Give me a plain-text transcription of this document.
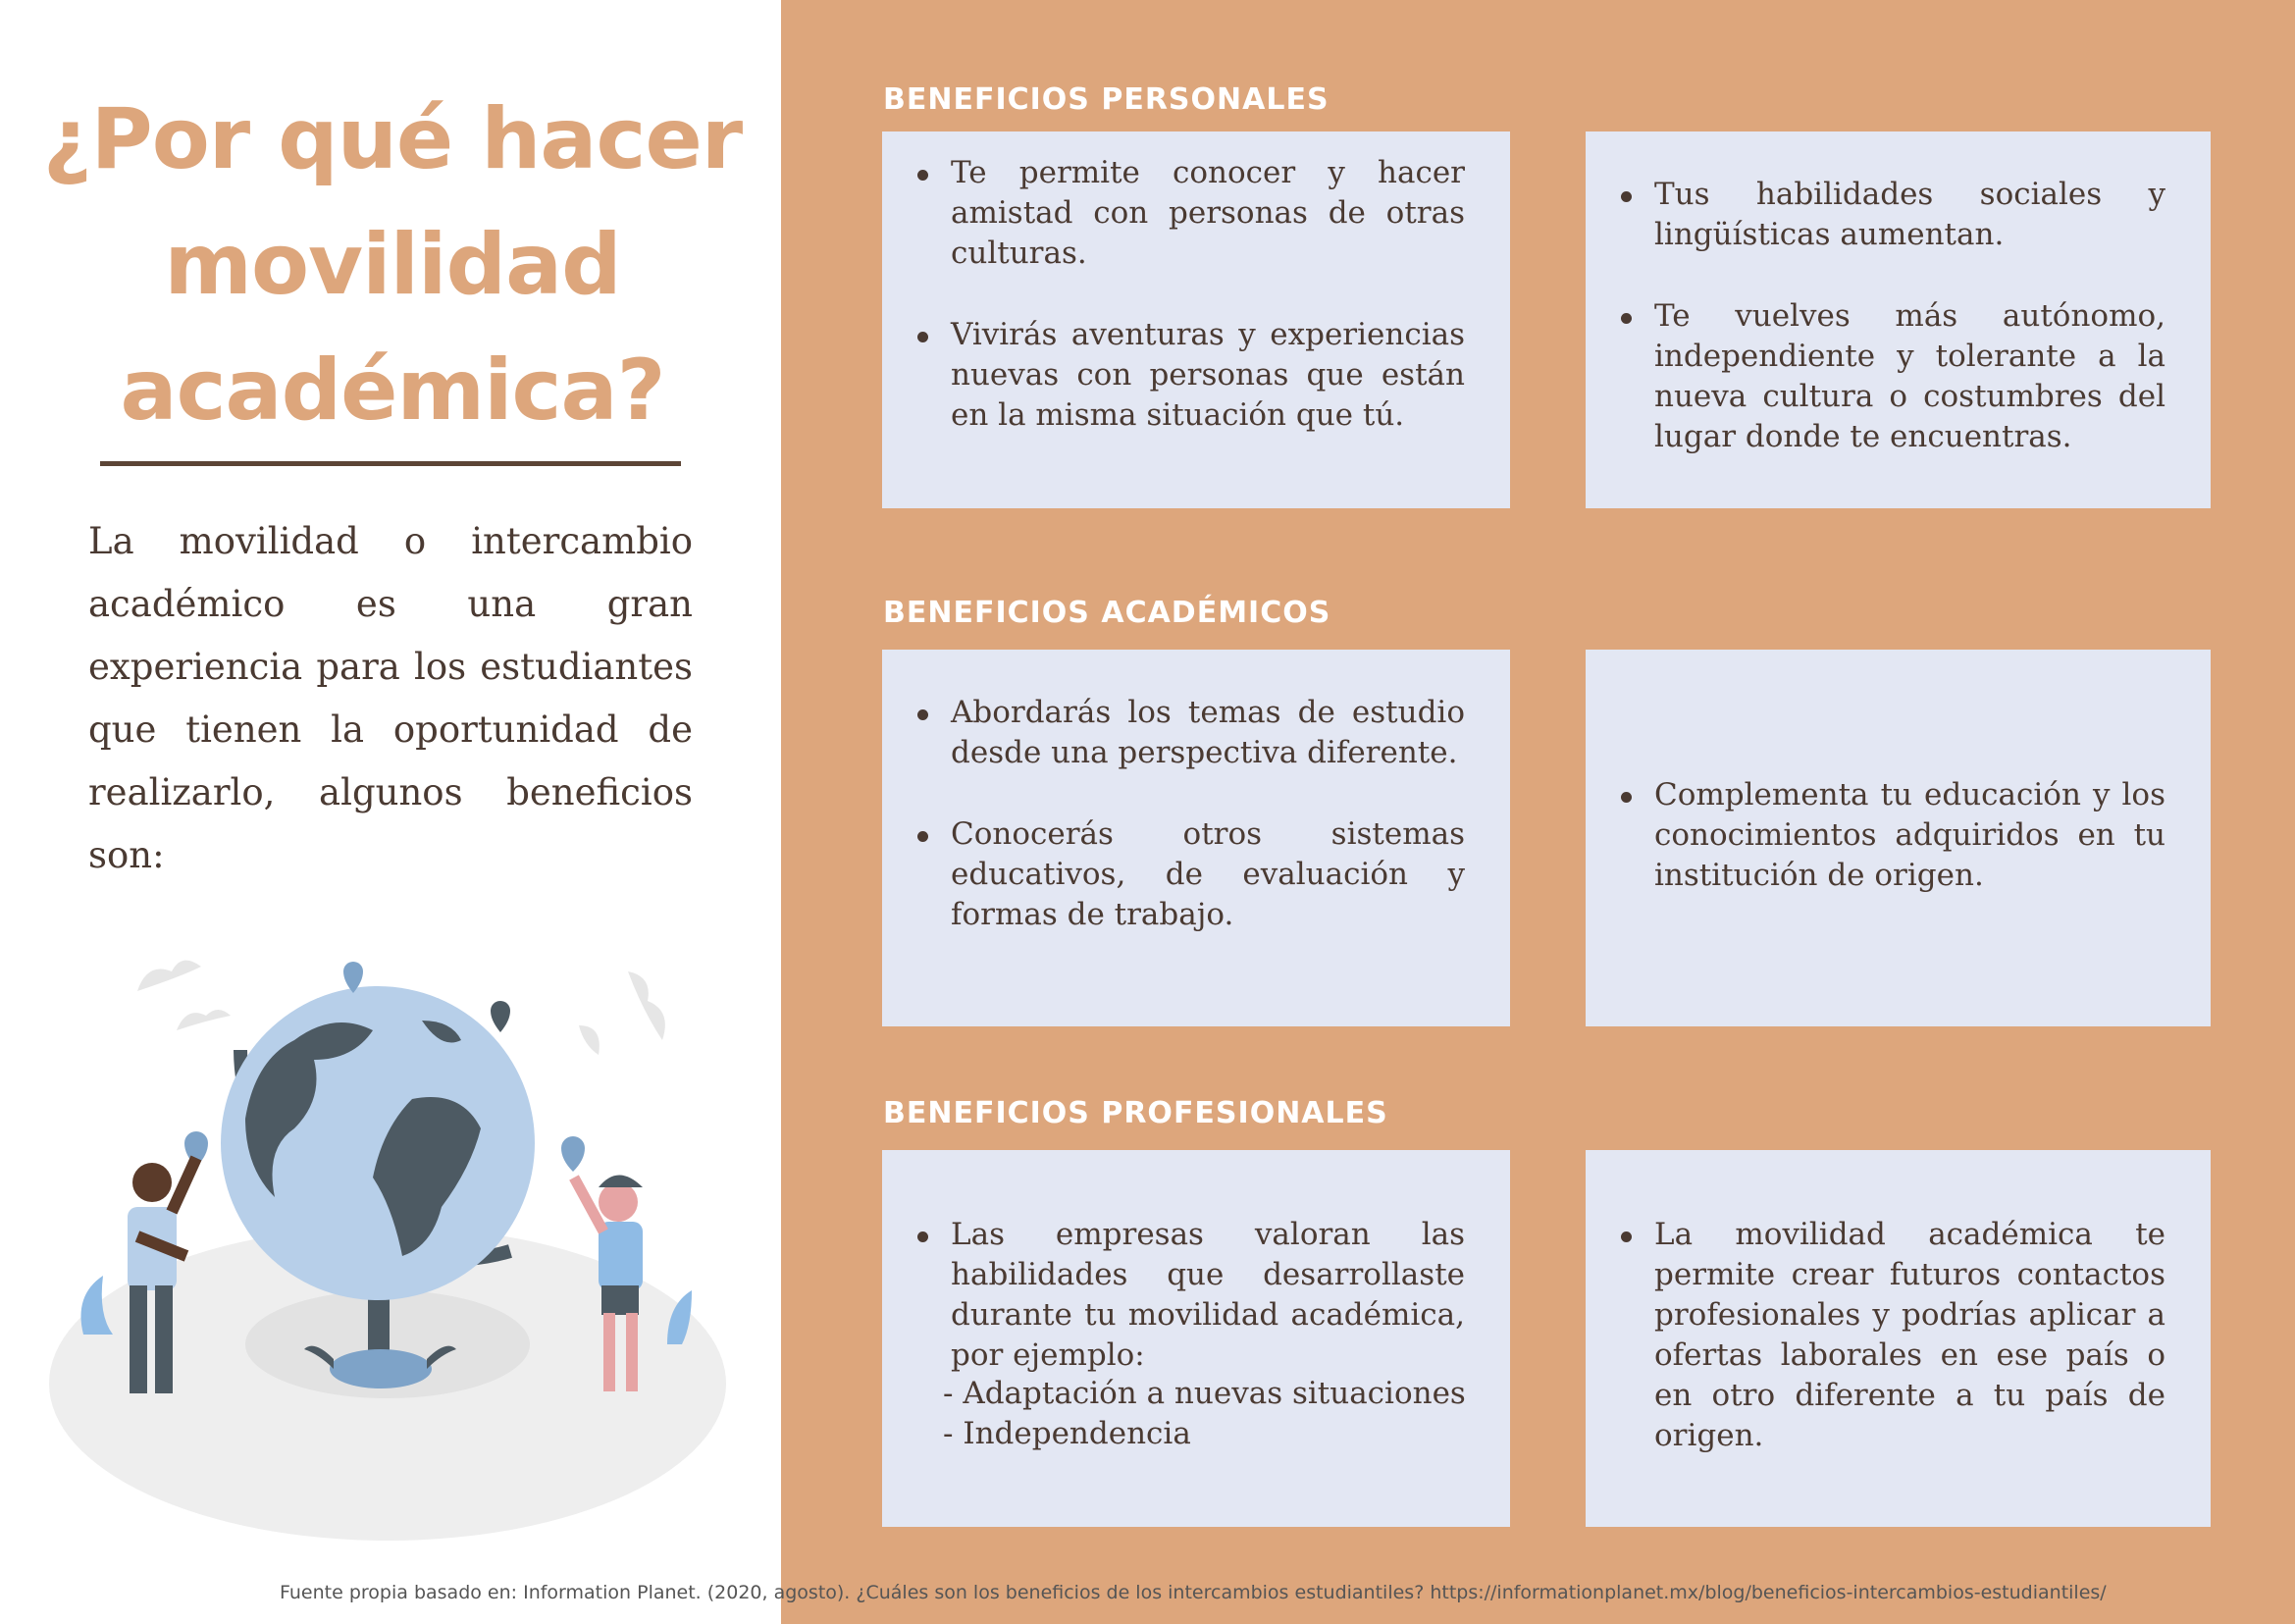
¿Por qué hacer
movilidad
académica?

La movilidad o intercambio académico es una gran experiencia para los estudiantes que tienen la oportunidad de realizarlo, algunos beneficios son:

BENEFICIOS PERSONALES
Te permite conocer y hacer amistad con personas de otras culturas.
Vivirás aventuras y experiencias nuevas con personas que están en la misma situación que tú.
Tus habilidades sociales y lingüísticas aumentan.
Te vuelves más autónomo, independiente y tolerante a la nueva cultura o costumbres del lugar donde te encuentras.
BENEFICIOS ACADÉMICOS
Abordarás los temas de estudio desde una perspectiva diferente.
Conocerás otros sistemas educativos, de evaluación y formas de trabajo.
Complementa tu educación y los conocimientos adquiridos en tu institución de origen.
BENEFICIOS PROFESIONALES
Las empresas valoran las habilidades que desarrollaste durante tu movilidad académica, por ejemplo:
- Adaptación a nuevas situaciones
- Independencia
La movilidad académica te permite crear futuros contactos profesionales y podrías aplicar a ofertas laborales en ese país o en otro diferente a tu país de origen.
Fuente propia basado en: Information Planet. (2020, agosto). ¿Cuáles son los beneficios de los intercambios estudiantiles? https://informationplanet.mx/blog/beneficios-intercambios-estudiantiles/
